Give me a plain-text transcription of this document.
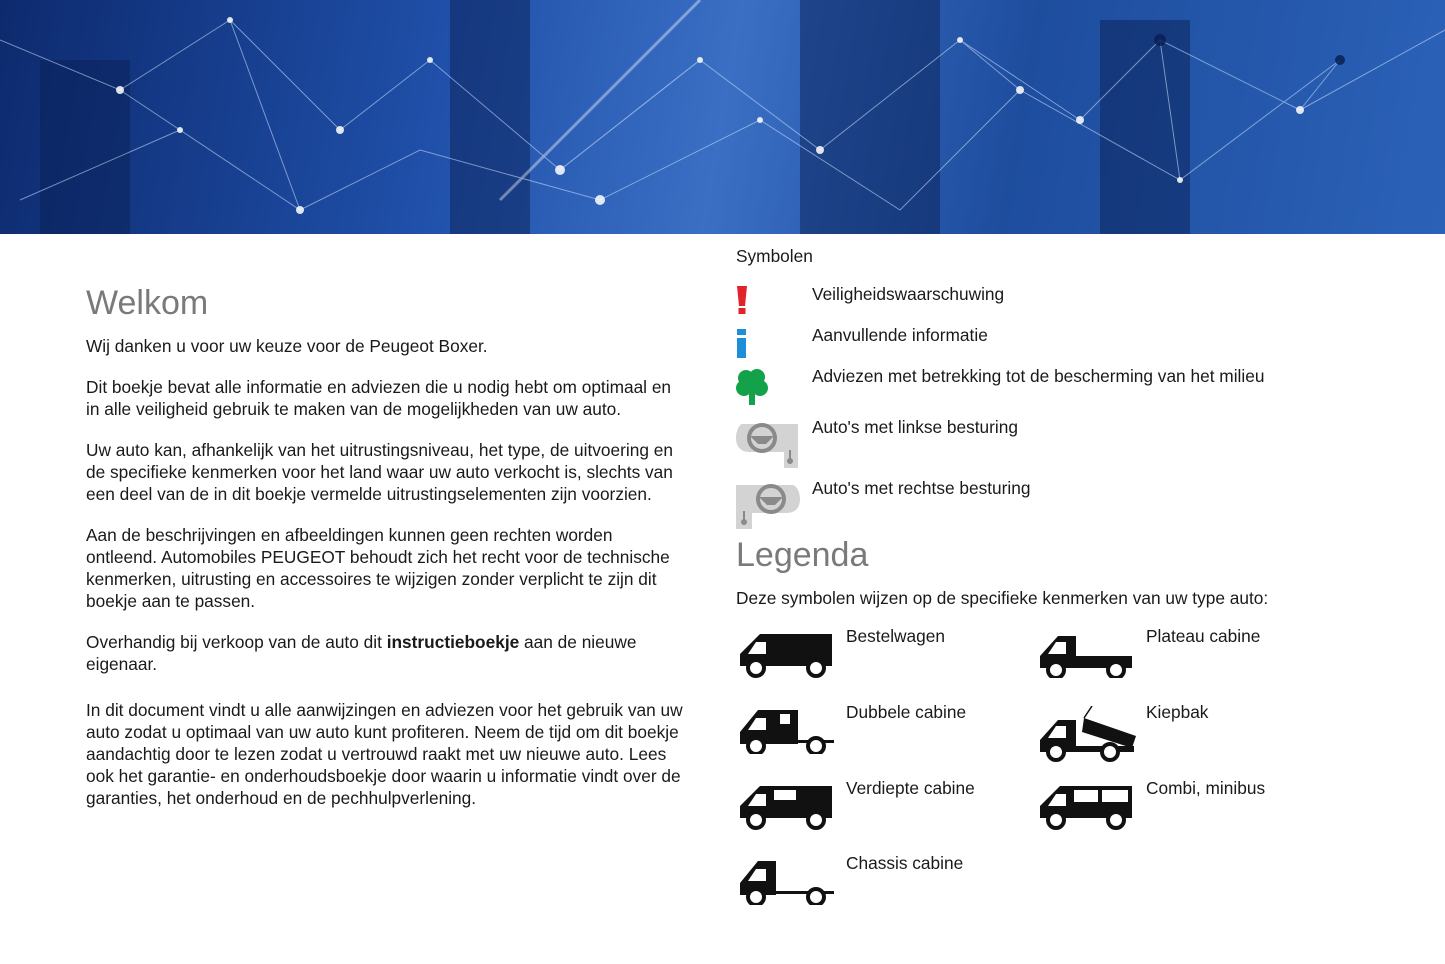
Welkom

Wij danken u voor uw keuze voor de Peugeot Boxer.

Dit boekje bevat alle informatie en adviezen die u nodig hebt om optimaal en in alle veiligheid gebruik te maken van de mogelijkheden van uw auto.

Uw auto kan, afhankelijk van het uitrustingsniveau, het type, de uitvoering en de specifieke kenmerken voor het land waar uw auto verkocht is, slechts van een deel van de in dit boekje vermelde uitrustingselementen zijn voorzien.

Aan de beschrijvingen en afbeeldingen kunnen geen rechten worden ontleend. Automobiles PEUGEOT behoudt zich het recht voor de technische kenmerken, uitrusting en accessoires te wijzigen zonder verplicht te zijn dit boekje aan te passen.

Overhandig bij verkoop van de auto dit instructieboekje aan de nieuwe eigenaar.

In dit document vindt u alle aanwijzingen en adviezen voor het gebruik van uw auto zodat u optimaal van uw auto kunt profiteren. Neem de tijd om dit boekje aandachtig door te lezen zodat u vertrouwd raakt met uw nieuwe auto. Lees ook het garantie- en onderhoudsboekje door waarin u informatie vindt over de garanties, het onderhoud en de pechhulpverlening.

Symbolen
Veiligheidswaarschuwing
Aanvullende informatie
Adviezen met betrekking tot de bescherming van het milieu
Auto's met linkse besturing
Auto's met rechtse besturing
Legenda
Deze symbolen wijzen op de specifieke kenmerken van uw type auto:
Bestelwagen	Plateau cabine
Dubbele cabine	Kiepbak
Verdiepte cabine	Combi, minibus
Chassis cabine
